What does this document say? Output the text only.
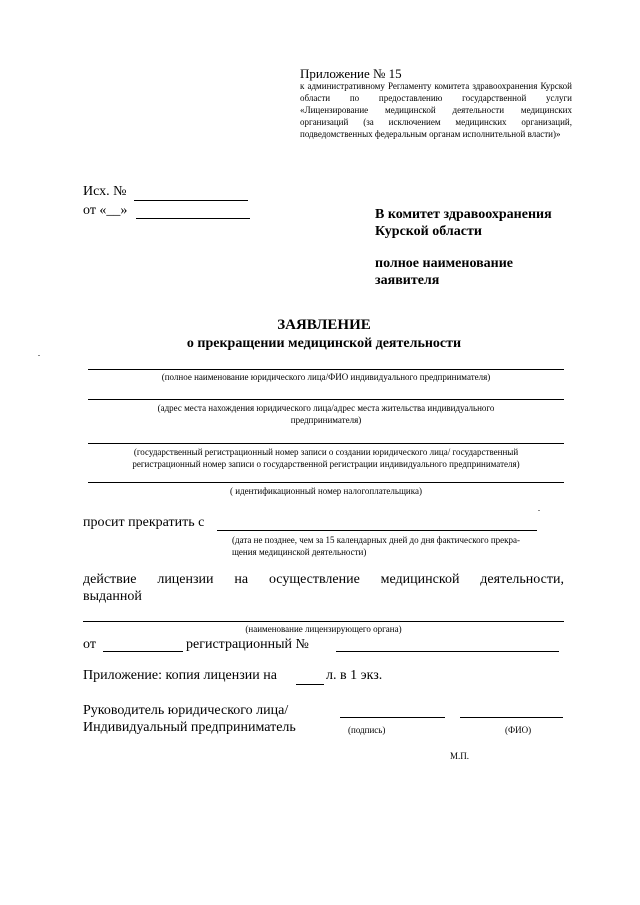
Приложение № 15
к административному Регламенту комитета здравоохранения Курской области по предоставлению государственной услуги «Лицензирование медицинской деятельности медицинских организаций (за исключением медицинских организаций, подведомственных федеральным органам исполнительной власти)»
Исх. №
от «__»	В комитет здравоохранения
Курской области
полное наименование
заявителя
ЗАЯВЛЕНИЕ
о прекращении медицинской деятельности
(полное наименование юридического лица/ФИО индивидуального предпринимателя)
(адрес места нахождения юридического лица/адрес места жительства индивидуального
предпринимателя)
(государственный регистрационный номер записи о создании юридического лица/ государственный
регистрационный номер записи о государственной регистрации индивидуального предпринимателя)
( идентификационный номер налогоплательщика)
просит прекратить с
(дата не позднее, чем за 15 календарных дней до дня фактического прекра-
щения медицинской деятельности)
действие лицензии на осуществление медицинской деятельности,
выданной
(наименование лицензирующего органа)
от	регистрационный №
Приложение: копия лицензии на	л. в 1 экз.
Руководитель юридического лица/
Индивидуальный предприниматель	(подпись)	(ФИО)
М.П.
